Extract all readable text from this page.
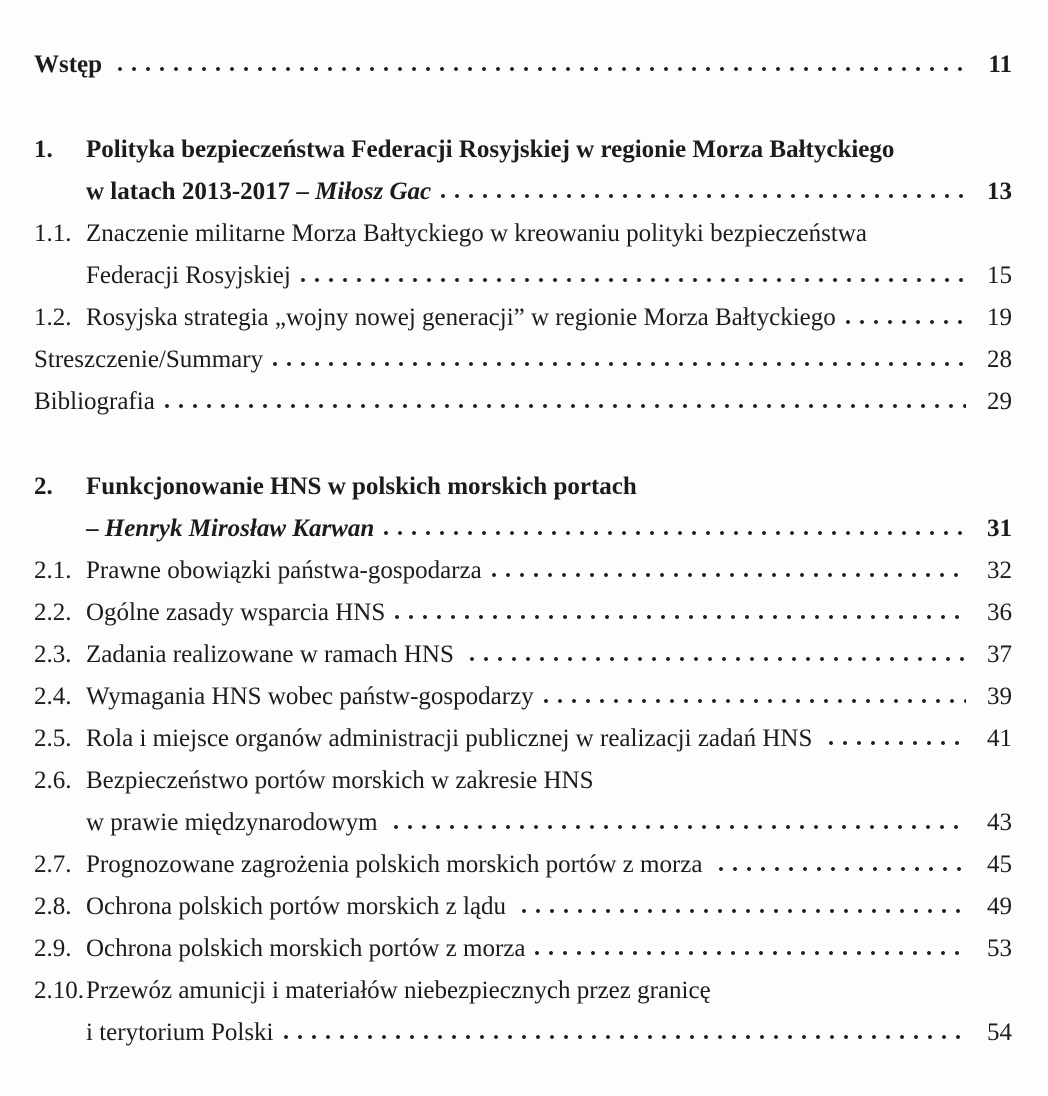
Wstęp	11
1.	Polityka bezpieczeństwa Federacji Rosyjskiej w regionie Morza Bałtyckiego
w latach 2013-2017 – Miłosz Gac	13
1.1. Znaczenie militarne Morza Bałtyckiego w kreowaniu polityki bezpieczeństwa
Federacji Rosyjskiej	15
1.2. Rosyjska strategia „wojny nowej generacji” w regionie Morza Bałtyckiego	19
Streszczenie/Summary	28
Bibliografia	29
2.	Funkcjonowanie HNS w polskich morskich portach
– Henryk Mirosław Karwan	31
2.1. Prawne obowiązki państwa-gospodarza	32
2.2. Ogólne zasady wsparcia HNS	36
2.3. Zadania realizowane w ramach HNS	37
2.4. Wymagania HNS wobec państw-gospodarzy	39
2.5. Rola i miejsce organów administracji publicznej w realizacji zadań HNS	41
2.6. Bezpieczeństwo portów morskich w zakresie HNS
w prawie międzynarodowym	43
2.7. Prognozowane zagrożenia polskich morskich portów z morza	45
2.8. Ochrona polskich portów morskich z lądu	49
2.9. Ochrona polskich morskich portów z morza	53
2.10. Przewóz amunicji i materiałów niebezpiecznych przez granicę
i terytorium Polski	54
